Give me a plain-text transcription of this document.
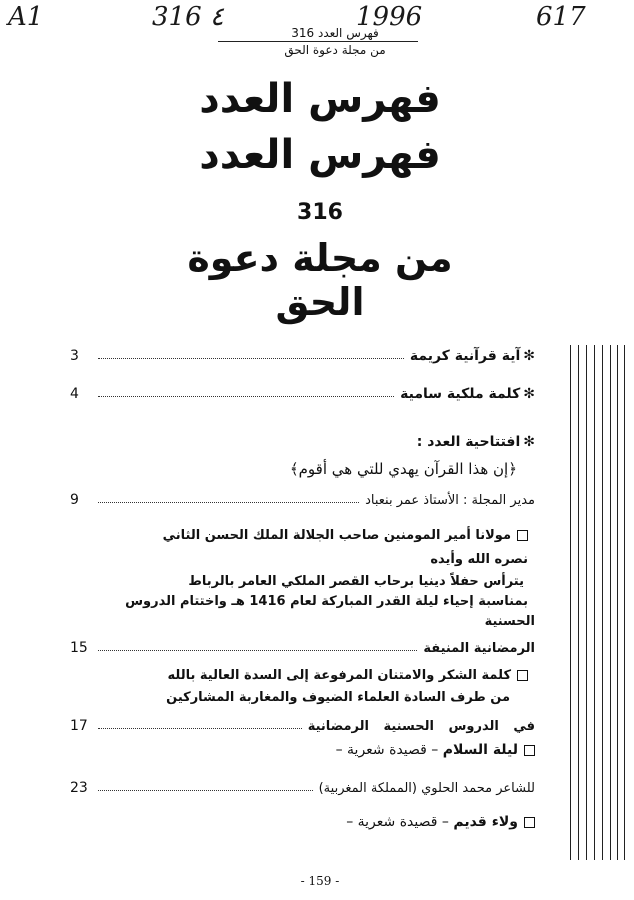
A1	316 ٤	1996	617
فهرس العدد 316
من مجلة دعوة الحق
فهرس العدد
فهرس العدد
316
من مجلة دعوة الحق
3	✻آية قرآنية كريمة
4	✻كلمة ملكية سامية
✻افتتاحية العدد :
﴿إن هذا القرآن يهدي للتي هي أقوم﴾
9	مدير المجلة : الأستاذ عمر بنعباد
مولانا أمير المومنين صاحب الجلالة الملك الحسن الثاني
نصره الله وأيده
يترأس حفلاً دينيا برحاب القصر الملكي العامر بالرباط
بمناسبة إحياء ليلة القدر المباركة لعام 1416 هـ واختتام الدروس
الحسنية
15	الرمضانية المنيفة
كلمة الشكر والامتنان المرفوعة إلى السدة العالية بالله
من طرف السادة العلماء الضيوف والمغاربة المشاركين
17	في الدروس الحسنية الرمضانية
ليلة السلام – قصيدة شعرية –
23	للشاعر محمد الحلوي (المملكة المغربية)
ولاء قديم – قصيدة شعرية –
- 159 -
